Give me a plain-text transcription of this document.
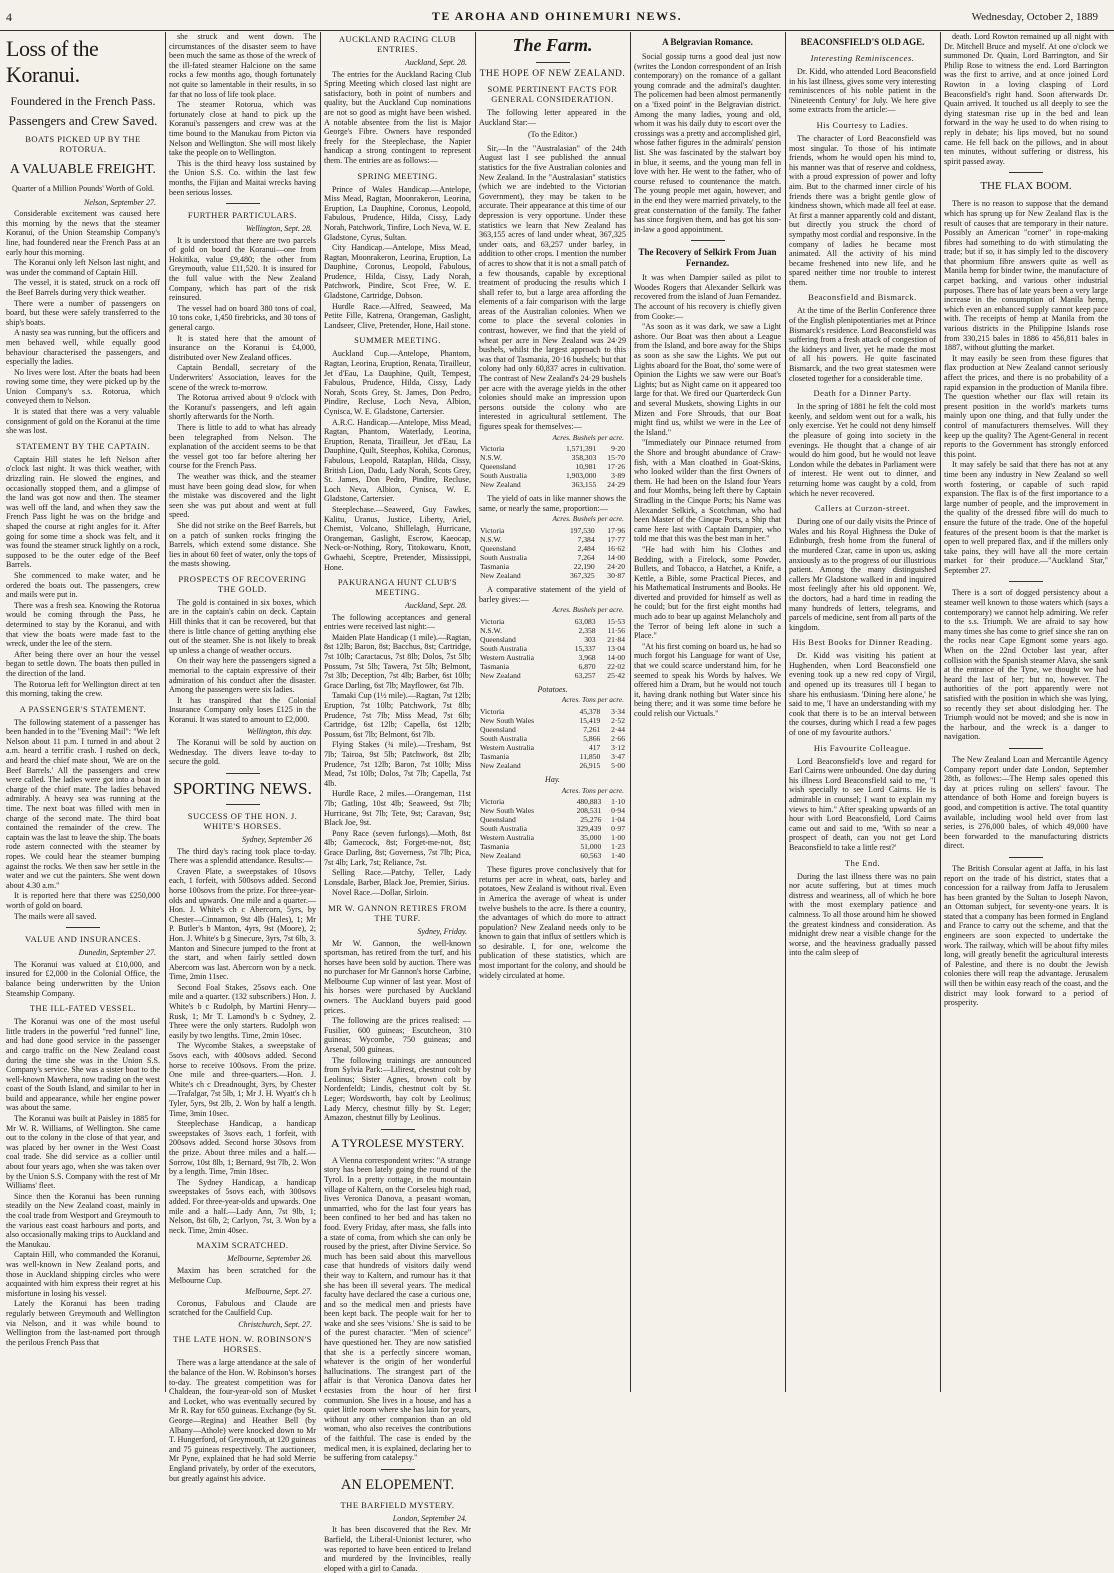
4	TE AROHA AND OHINEMURI NEWS.	Wednesday, October 2, 1889
Loss of the Koranui.
Foundered in the French Pass.
Passengers and Crew Saved.
BOATS PICKED UP BY THE ROTORUA.
A VALUABLE FREIGHT.
Quarter of a Million Pounds' Worth of Gold.
Nelson, September 27.

Considerable excitement was caused here this morning by the news that the steamer Koranui, of the Union Steamship Company's line, had foundered near the French Pass at an early hour this morning.

The Koranui only left Nelson last night, and was under the command of Captain Hill.

The vessel, it is stated, struck on a rock off the Beef Barrels during very thick weather.

There were a number of passengers on board, but these were safely transferred to the ship's boats.

A nasty sea was running, but the officers and men behaved well, while equally good behaviour characterised the passengers, and especially the ladies.

No lives were lost. After the boats had been rowing some time, they were picked up by the Union Company's s.s. Rotorua, which conveyed them to Nelson.

It is stated that there was a very valuable consignment of gold on the Koranui at the time she was lost.

STATEMENT BY THE CAPTAIN.

Captain Hill states he left Nelson after o'clock last night. It was thick weather, with drizzling rain. He slowed the engines, and occasionally stopped them, and a glimpse of the land was got now and then. The steamer was well off the land, and when they saw the French Pass light he was on the bridge and shaped the course at right angles for it. After going for some time a shock was felt, and it was found the steamer struck lightly on a rock, supposed to be the outer edge of the Beef Barrels.

She commenced to make water, and he ordered the boats out. The passengers, crew and mails were put in.

There was a fresh sea. Knowing the Rotorua would be coming through the Pass, he determined to stay by the Koranui, and with that view the boats were made fast to the wreck, under the lee of the stern.

After being there over an hour the vessel began to settle down. The boats then pulled in the direction of the land.

The Rotorua left for Wellington direct at ten this morning, taking the crew.

A PASSENGER'S STATEMENT.

The following statement of a passenger has been handed in to the "Evening Mail": "We left Nelson about 11 p.m. I turned in and about 2 a.m. heard a terrific crash. I rushed on deck, and heard the chief mate shout, 'We are on the Beef Barrels.' All the passengers and crew were called. The ladies were got into a boat in charge of the chief mate. The ladies behaved admirably. A heavy sea was running at the time. The next boat was filled with men in charge of the second mate. The third boat contained the remainder of the crew. The captain was the last to leave the ship. The boats rode astern connected with the steamer by ropes. We could hear the steamer bumping against the rocks. We then saw her settle in the water and we cut the painters. She went down about 4.30 a.m."

It is reported here that there was £250,000 worth of gold on board.

The mails were all saved.

VALUE AND INSURANCES.
Dunedin, September 27.

The Koranui was valued at £10,000, and insured for £2,000 in the Colonial Office, the balance being underwritten by the Union Steamship Company.

THE ILL-FATED VESSEL.

The Koranui was one of the most useful little traders in the powerful "red funnel" line, and had done good service in the passenger and cargo traffic on the New Zealand coast during the time she was in the Union S.S. Company's service. She was a sister boat to the well-known Mawhera, now trading on the west coast of the South Island, and similar to her in build and appearance, while her engine power was about the same.

The Koranui was built at Paisley in 1885 for Mr W. R. Williams, of Wellington. She came out to the colony in the close of that year, and was placed by her owner in the West Coast coal trade. She did service as a collier until about four years ago, when she was taken over by the Union S.S. Company with the rest of Mr Williams' fleet.

Since then the Koranui has been running steadily on the New Zealand coast, mainly in the coal trade from Westport and Greymouth to the various east coast harbours and ports, and also occasionally making trips to Auckland and the Manukau.

Captain Hill, who commanded the Koranui, was well-known in New Zealand ports, and those in Auckland shipping circles who were acquainted with him express their regret at his misfortune in losing his vessel.

Lately the Koranui has been trading regularly between Greymouth and Wellington via Nelson, and it was while bound to Wellington from the last-named port through the perilous French Pass that

she struck and went down. The circumstances of the disaster seem to have been much the same as those of the wreck of the ill-fated steamer Halcione on the same rocks a few months ago, though fortunately not quite so lamentable in their results, in so far that no loss of life took place.

The steamer Rotorua, which was fortunately close at hand to pick up the Koranui's passengers and crew was at the time bound to the Manukau from Picton via Nelson and Wellington. She will most likely take the people on to Wellington.

This is the third heavy loss sustained by the Union S.S. Co. within the last few months, the Fijian and Maitai wrecks having been serious losses.

FURTHER PARTICULARS.
Wellington, Sept. 28.

It is understood that there are two parcels of gold on board the Koranui—one from Hokitika, value £9,480; the other from Greymouth, value £11,520. It is insured for the full value with the New Zealand Company, which has part of the risk reinsured.

The vessel had on board 380 tons of coal, 10 tons coke, 1,450 firebricks, and 30 tons of general cargo.

It is stated here that the amount of insurance on the Koranui is £4,000, distributed over New Zealand offices.

Captain Bendall, secretary of the Underwriters' Association, leaves for the scene of the wreck to-morrow.

The Rotorua arrived about 9 o'clock with the Koranui's passengers, and left again shortly afterwards for the North.

There is little to add to what has already been telegraphed from Nelson. The explanation of the accident seems to be that the vessel got too far before altering her course for the French Pass.

The weather was thick, and the steamer must have been going dead slow, for when the mistake was discovered and the light seen she was put about and went at full speed.

She did not strike on the Beef Barrels, but on a patch of sunken rocks fringing the Barrels, which extend some distance. She lies in about 60 feet of water, only the tops of the masts showing.

PROSPECTS OF RECOVERING THE GOLD.

The gold is contained in six boxes, which are in the captain's cabin on deck. Captain Hill thinks that it can be recovered, but that there is little chance of getting anything else out of the steamer. She is not likely to break up unless a change of weather occurs.

On their way here the passengers signed a memorial to the captain expressive of their admiration of his conduct after the disaster. Among the passengers were six ladies.

It has transpired that the Colonial Insurance Company only loses £125 in the Koranui. It was stated to amount to £2,000.

Wellington, this day.

The Koranui will be sold by auction on Wednesday. The divers leave to-day to secure the gold.

SPORTING NEWS.
SUCCESS OF THE HON. J. WHITE'S HORSES.
Sydney, September 26

The third day's racing took place to-day. There was a splendid attendance. Results:—

Craven Plate, a sweepstakes of 10sovs each, 1 forfeit, with 500sovs added. Second horse 100sovs from the prize. For three-year-olds and upwards. One mile and a quarter.—Hon. J. White's ch c Abercorn, 5yrs, by Chester—Cinnamon, 9st 4lb (Hales), 1; Mr P. Butler's b Manton, 4yrs, 9st (Moore), 2; Hon. J. White's b g Sinecure, 3yrs, 7st 6lb, 3. Manton and Sinecure jumped to the front at the start, and when fairly settled down Abercorn was last. Abercorn won by a neck. Time, 2min 11sec.

Second Foal Stakes, 25sovs each. One mile and a quarter. (132 subscribers.) Hon. J. White's b c Rudolph, by Martini Henry—Rusk, 1; Mr T. Lamond's b c Sydney, 2. Three were the only starters. Rudolph won easily by two lengths. Time, 2min 10sec.

The Wycombe Stakes, a sweepstake of 5sovs each, with 400sovs added. Second horse to receive 100sovs. From the prize. One mile and three-quarters.—Hon. J. White's ch c Dreadnought, 3yrs, by Chester—Trafalgar, 7st 5lb, 1; Mr J. H. Wyatt's ch h Tyler, 5yrs, 9st 2lb, 2. Won by half a length. Time, 3min 10sec.

Steeplechase Handicap, a handicap sweepstakes of 3sovs each, 1 forfeit, with 200sovs added. Second horse 30sovs from the prize. About three miles and a half.—Sorrow, 10st 8lb, 1; Bernard, 9st 7lb, 2. Won by a length. Time, 7min 18sec.

The Sydney Handicap, a handicap sweepstakes of 5sovs each, with 300sovs added. For three-year-olds and upwards. One mile and a half.—Lady Ann, 7st 9lb, 1; Nelson, 8st 6lb, 2; Carlyon, 7st, 3. Won by a neck. Time, 2min 40sec.

MAXIM SCRATCHED.
Melbourne, September 26.

Maxim has been scratched for the Melbourne Cup.

Melbourne, Sept. 27.

Coronus, Fabulous and Claude are scratched for the Caulfield Cup.

Christchurch, Sept. 27.
THE LATE HON. W. ROBINSON'S HORSES.

There was a large attendance at the sale of the balance of the Hon. W. Robinson's horses to-day. The greatest competition was for Chaldean, the four-year-old son of Musket and Locket, who was eventually secured by Mr R. Ray for 650 guineas. Exchange (by St. George—Regina) and Heather Bell (by Albany—Athole) were knocked down to Mr T. Hungerford, of Greymouth, at 120 guineas and 75 guineas respectively. The auctioneer, Mr Pyne, explained that he had sold Merrie England privately, by order of the executors, but greatly against his advice.

AUCKLAND RACING CLUB ENTRIES.
Auckland, Sept. 28.

The entries for the Auckland Racing Club Spring Meeting which closed last night are satisfactory, both in point of numbers and quality, but the Auckland Cup nominations are not so good as might have been wished. A notable absentee from the list is Major George's Fibre. Owners have responded freely for the Steeplechase, the Napier handicap a strong contingent to represent them. The entries are as follows:—

SPRING MEETING.

Prince of Wales Handicap.—Antelope, Miss Mead, Ragtan, Moonrakeron, Leorina, Eruption, La Dauphine, Coronus, Leopold, Fabulous, Prudence, Hilda, Cissy, Lady Norah, Patchwork, Tinfire, Loch Neva, W. E. Gladstone, Cyrus, Sultan.

City Handicap.—Antelope, Miss Mead, Ragtan, Moonrakeron, Leorina, Eruption, La Dauphine, Coronus, Leopold, Fabulous, Prudence, Hilda, Cissy, Lady Norah, Patchwork, Pindire, Scot Free, W. E. Gladstone, Cartridge, Dobson.

Hurdle Race.—Alfred, Seaweed, Ma Petite Fille, Katrena, Orangeman, Gaslight, Landseer, Clive, Pretender, Hone, Hail stone.

SUMMER MEETING.

Auckland Cup.—Antelope, Phantom, Ragtan, Leorina, Eruption, Renata, Tirailleur, Jet d'Eau, La Dauphine, Quilt, Tempest, Fabulous, Prudence, Hilda, Cissy, Lady Norah, Scots Grey, St. James, Don Pedro, Pindire, Recluse, Loch Neva, Albion, Cynisca, W. E. Gladstone, Cartersier.

A.R.C. Handicap.—Antelope, Miss Mead, Ragtan, Phantom, Waterlady, Leorina, Eruption, Renata, Tirailleur, Jet d'Eau, La Dauphine, Quilt, Steephos, Kohika, Coronus, Fabulous, Leopold, Rataplan, Hilda, Cissy, British Lion, Dadu, Lady Norah, Scots Grey, St. James, Don Pedro, Pindire, Recluse, Loch Neva, Albion, Cynisca, W. E. Gladstone, Cartersier.

Steeplechase.—Seaweed, Guy Fawkes, Kalitu, Uranus, Justice, Liberty, Ariel, Chemist, Volcano, Shillelagh, Hurricane, Orangeman, Gaslight, Escrow, Kaeocap, Neck-or-Nothing, Rory, Titokowaru, Knott, Gwhaehi, Sceptre, Pretender, Mississippi, Hone.

PAKURANGA HUNT CLUB'S MEETING.
Auckland, Sept. 28.

The following acceptances and general entries were received last night:—

Maiden Plate Handicap (1 mile).—Ragtan, 8st 12lb; Baron, 8st; Bacchus, 8st; Cartridge, 7st 10lb; Caractacus, 7st 8lb; Dolos, 7st 5lb; Possum, 7st 5lb; Tawera, 7st 5lb; Belmont, 7st 3lb; Deception, 7st 4lb; Barber, 6st 10lb; Grace Darling, 6st 7lb; Mayflower, 6st 7lb.

Tamaki Cup (1½ mile).—Ragtan, 7st 12lb; Eruption, 7st 10lb; Patchwork, 7st 8lb; Prudence, 7st 7lb; Miss Mead, 7st 6lb; Cartridge, 6st 12lb; Capella, 6st 12lb; Possum, 6st 7lb; Belmont, 6st 7lb.

Flying Stakes (¾ mile).—Tresham, 9st 7lb; Tairoa, 9st 5lb; Patchwork, 8st 2lb; Prudence, 7st 12lb; Baron, 7st 10lb; Miss Mead, 7st 10lb; Dolos, 7st 7lb; Capella, 7st 4lb.

Hurdle Race, 2 miles.—Orangeman, 11st 7lb; Gatling, 10st 4lb; Seaweed, 9st 7lb; Hurricane, 9st 7lb; Tete, 9st; Caravan, 9st; Black Joe, 9st.

Pony Race (seven furlongs).—Moth, 8st 4lb; Gamecock, 8st; Forget-me-not, 8st; Grace Darling, 8st; Governess, 7st 7lb; Pica, 7st 4lb; Lark, 7st; Reliance, 7st.

Selling Race.—Patchy, Teller, Lady Lonsdale, Barber, Black Joe, Premier, Sirius.

Novel Race.—Dollar, Sirloin.

MR W. GANNON RETIRES FROM THE TURF.
Sydney, Friday.

Mr W. Gannon, the well-known sportsman, has retired from the turf, and his horses have been sold by auction. There was no purchaser for Mr Gannon's horse Carbine, Melbourne Cup winner of last year. Most of his horses were purchased by Auckland owners. The Auckland buyers paid good prices.

The following are the prices realised: —Fusilier, 600 guineas; Escutcheon, 310 guineas; Wycombe, 750 guineas; and Arsenal, 500 guineas.

The following trainings are announced from Sylvia Park:—Lilirest, chestnut colt by Leolinus; Sister Agnes, brown colt by Nordenfeldt; Lindis, chestnut colt by St. Leger; Wordsworth, bay colt by Leolinus; Lady Mercy, chestnut filly by St. Leger; Amazon, chestnut filly by Leolinus.

A TYROLESE MYSTERY.

A Vienna correspondent writes: "A strange story has been lately going the round of the Tyrol. In a pretty cottage, in the mountain village of Kaltern, on the Corseleu high road, lives Veronica Danova, a peasant woman, unmarried, who for the last four years has been confined to her bed and has taken no food. Every Friday, after mass, she falls into a state of coma, from which she can only be roused by the priest, after Divine Service. So much has been said about this marvellous case that hundreds of visitors daily wend their way to Kaltern, and rumour has it that she has been ill several years. The medical faculty have declared the case a curious one, and so the medical men and priests have been kept back. The people wait for her to wake and she sees 'visions.' She is said to be of the purest character. "Men of science" have questioned her. They are now satisfied that she is a perfectly sincere woman, whatever is the origin of her wonderful hallucinations. The strangest part of the affair is that Veronica Danova dates her ecstasies from the hour of her first communion. She lives in a house, and has a quiet little room where she has lain for years, without any other companion than an old woman, who also receives the contributions of the faithful. The case is ended by the medical men, it is explained, declaring her to be suffering from catalepsy."

AN ELOPEMENT.
THE BARFIELD MYSTERY.
London, September 24.

It has been discovered that the Rev. Mr Barfield, the Liberal-Unionist lecturer, who was reported to have been enticed to Ireland and murdered by the Invincibles, really eloped with a girl to Canada.

The Farm.
THE HOPE OF NEW ZEALAND.
SOME PERTINENT FACTS FOR GENERAL CONSIDERATION.

The following letter appeared in the Auckland Star:—

(To the Editor.)

Sir,—In the "Australasian" of the 24th August last I see published the annual statistics for the five Australian colonies and New Zealand. In the "Australasian" statistics (which we are indebted to the Victorian Government), they may be taken to be accurate. Their appearance at this time of our depression is very opportune. Under these statistics we learn that New Zealand has 363,155 acres of land under wheat, 367,325 under oats, and 63,257 under barley, in addition to other crops. I mention the number of acres to show that it is not a small patch of a few thousands, capable by exceptional treatment of producing the results which I shall refer to, but a large area affording the elements of a fair comparison with the large areas of the Australian colonies. When we come to place the several colonies in contrast, however, we find that the yield of wheat per acre in New Zealand was 24·29 bushels, whilst the largest approach to this was that of Tasmania, 20·16 bushels; but that colony had only 60,837 acres in cultivation. The contrast of New Zealand's 24·29 bushels per acre with the average yields in the other colonies should make an impression upon persons outside the colony who are interested in agricultural settlement. The figures speak for themselves:—

Acres. Bushels per acre.
Victoria	1,571,391	9·20
N.S.W.	358,303	15·70
Queensland	10,981	17·26
South Australia	1,903,000	3·89
New Zealand	363,155	24·29

The yield of oats in like manner shows the same, or nearly the same, proportion:—

Acres. Bushels per acre.
Victoria	197,530	17·96
N.S.W.	7,384	17·77
Queensland	2,484	16·62
South Australia	7,264	14·00
Tasmania	22,190	24·20
New Zealand	367,325	30·87

A comparative statement of the yield of barley gives:—

Acres. Bushels per acre.
Victoria	63,083	15·53
N.S.W.	2,358	11·56
Queensland	303	21·84
South Australia	15,337	13·04
Western Australia	3,968	14·00
Tasmania	6,870	22·02
New Zealand	63,257	25·42
Potatoes.
Acres. Tons per acre.
Victoria	45,378	3·34
New South Wales	15,419	2·52
Queensland	7,261	2·44
South Australia	5,866	2·66
Western Australia	417	3·12
Tasmania	11,850	3·47
New Zealand	26,915	5·00
Hay.
Acres. Tons per acre.
Victoria	480,883	1·10
New South Wales	208,531	0·94
Queensland	25,276	1·04
South Australia	329,439	0·97
Western Australia	35,000	1·00
Tasmania	51,000	1·23
New Zealand	60,563	1·40

These figures prove conclusively that for returns per acre in wheat, oats, barley and potatoes, New Zealand is without rival. Even in America the average of wheat is under twelve bushels to the acre. Is there a country, the advantages of which do more to attract population? New Zealand needs only to be known to gain that influx of settlers which is so desirable. I, for one, welcome the publication of these statistics, which are most important for the colony, and should be widely circulated at home.

A Belgravian Romance.

Social gossip turns a good deal just now (writes the London correspondent of an Irish contemporary) on the romance of a gallant young comrade and the admiral's daughter. The policemen had been almost permanently on a 'fixed point' in the Belgravian district. Among the many ladies, young and old, whom it was his daily duty to escort over the crossings was a pretty and accomplished girl, whose father figures in the admirals' pension list. She was fascinated by the stalwart boy in blue, it seems, and the young man fell in love with her. He went to the father, who of course refused to countenance the match. The young people met again, however, and in the end they were married privately, to the great consternation of the family. The father has since forgiven them, and has got his son-in-law a good appointment.

The Recovery of Selkirk From Juan Fernandez.

It was when Dampier sailed as pilot to Woodes Rogers that Alexander Selkirk was recovered from the island of Juan Fernandez. The account of his recovery is chiefly given from Cooke:—

"As soon as it was dark, we saw a Light ashore. Our Boat was then about a League from the Island, and bore away for the Ships as soon as she saw the Lights. We put out Lights aboard for the Boat, tho' some were of Opinion the Lights we saw were our Boat's Lights; but as Night came on it appeared too large for that. We fired our Quarterdeck Gun and several Muskets, showing Lights in our Mizen and Fore Shrouds, that our Boat might find us, whilst we were in the Lee of the Island."

"Immediately our Pinnace returned from the Shore and brought abundance of Craw-fish, with a Man cloathed in Goat-Skins, who looked wilder than the first Owners of them. He had been on the Island four Years and four Months, being left there by Captain Stradling in the Cinque Ports; his Name was Alexander Selkirk, a Scotchman, who had been Master of the Cinque Ports, a Ship that came here last with Captain Dampier, who told me that this was the best man in her."

"He had with him his Clothes and Bedding, with a Firelock, some Powder, Bullets, and Tobacco, a Hatchet, a Knife, a Kettle, a Bible, some Practical Pieces, and his Mathematical Instruments and Books. He diverted and provided for himself as well as he could; but for the first eight months had much ado to bear up against Melancholy and the Terror of being left alone in such a Place."

"At his first coming on board us, he had so much forgot his Language for want of Use, that we could scarce understand him, for he seemed to speak his Words by halves. We offered him a Dram, but he would not touch it, having drank nothing but Water since his being there; and it was some time before he could relish our Victuals."

BEACONSFIELD'S OLD AGE.
Interesting Reminiscences.

Dr. Kidd, who attended Lord Beaconsfield in his last illness, gives some very interesting reminiscences of his noble patient in the 'Nineteenth Century' for July. We here give some extracts from the article:—

His Courtesy to Ladies.

The character of Lord Beaconsfield was most singular. To those of his intimate friends, whom he would open his mind to, his manner was that of reserve and coldness, with a proud expression of power and lofty aim. But to the charmed inner circle of his friends there was a bright gentle glow of kindness shown, which made all feel at ease. At first a manner apparently cold and distant, but directly you struck the chord of sympathy most cordial and responsive. In the company of ladies he became most animated. All the activity of his mind became freshened into new life, and he spared neither time nor trouble to interest them.

Beaconsfield and Bismarck.

At the time of the Berlin Conference three of the English plenipotentiaries met at Prince Bismarck's residence. Lord Beaconsfield was suffering from a fresh attack of congestion of the kidneys and liver, yet he made the most of all his powers. He quite fascinated Bismarck, and the two great statesmen were closeted together for a considerable time.

Death for a Dinner Party.

In the spring of 1881 he felt the cold most keenly, and seldom went out for a walk, his only exercise. Yet he could not deny himself the pleasure of going into society in the evenings. He thought that a change of air would do him good, but he would not leave London while the debates in Parliament were of interest. He went out to dinner, and returning home was caught by a cold, from which he never recovered.

Callers at Curzon-street.

During one of our daily visits the Prince of Wales and his Royal Highness the Duke of Edinburgh, fresh home from the funeral of the murdered Czar, came in upon us, asking anxiously as to the progress of our illustrious patient. Among the many distinguished callers Mr Gladstone walked in and inquired most feelingly after his old opponent. We, the doctors, had a hard time in reading the many hundreds of letters, telegrams, and parcels of medicine, sent from all parts of the kingdom.

His Best Books for Dinner Reading.

Dr. Kidd was visiting his patient at Hughenden, when Lord Beaconsfield one evening took up a new red copy of Virgil, and opened up its treasures till I began to share his enthusiasm. 'Dining here alone,' he said to me, 'I have an understanding with my cook that there is to be an interval between the courses, during which I read a few pages of one of my favourite authors.'

His Favourite Colleague.

Lord Beaconsfield's love and regard for Earl Cairns were unbounded. One day during his illness Lord Beaconsfield said to me, "I wish specially to see Lord Cairns. He is admirable in counsel; I want to explain my views to him." After speaking upwards of an hour with Lord Beaconsfield, Lord Cairns came out and said to me, 'With so near a prospect of death, can you not get Lord Beaconsfield to take a little rest?'

The End.

During the last illness there was no pain nor acute suffering, but at times much distress and weariness, all of which he bore with the most exemplary patience and calmness. To all those around him he showed the greatest kindness and consideration. As midnight drew near a visible change for the worse, and the heaviness gradually passed into the calm sleep of

death. Lord Rowton remained up all night with Dr. Mitchell Bruce and myself. At one o'clock we summoned Dr. Quain, Lord Barrington, and Sir Philip Rose to witness the end. Lord Barrington was the first to arrive, and at once joined Lord Rowton in a loving clasping of Lord Beaconsfield's right hand. Soon afterwards Dr. Quain arrived. It touched us all deeply to see the dying statesman rise up in the bed and lean forward in the way he used to do when rising to reply in debate; his lips moved, but no sound came. He fell back on the pillows, and in about ten minutes, without suffering or distress, his spirit passed away.

THE FLAX BOOM.

There is no reason to suppose that the demand which has sprung up for New Zealand flax is the result of causes that are temporary in their nature. Possibly an American "corner" in rope-making fibres had something to do with stimulating the trade; but if so, it has simply led to the discovery that phormium fibre answers quite as well as Manila hemp for binder twine, the manufacture of carpet backing, and various other industrial purposes. There has of late years been a very large increase in the consumption of Manila hemp, which even an enhanced supply cannot keep pace with. The receipts of hemp at Manila from the various districts in the Philippine Islands rose from 330,215 bales in 1886 to 456,811 bales in 1887, without glutting the market.

It may easily be seen from these figures that flax production at New Zealand cannot seriously affect the prices, and there is no probability of a rapid expansion in the production of Manila fibre. The question whether our flax will retain its present position in the world's markets turns mainly upon one thing, and that fully under the control of manufacturers themselves. Will they keep up the quality? The Agent-General in recent reports to the Government has strongly enforced this point.

It may safely be said that there has not at any time been any industry in New Zealand so well worth fostering, or capable of such rapid expansion. The flax is of the first importance to a large number of people, and the improvement in the quality of the dressed fibre will do much to ensure the future of the trade. One of the hopeful features of the present boom is that the market is open to well prepared flax, and if the millers only take pains, they will have all the more certain market for their produce.—"Auckland Star," September 27.

There is a sort of dogged persistency about a steamer well known to those waters which (says a contemporary) we cannot help admiring. We refer to the s.s. Triumph. We are afraid to say how many times she has come to grief since she ran on the rocks near Cape Egmont some years ago. When on the 22nd October last year, after collision with the Spanish steamer Alava, she sank at the entrance of the Tyne, we thought we had heard the last of her; but no, however. The authorities of the port apparently were not satisfied with the position in which she was lying, so recently they set about dislodging her. The Triumph would not be moved; and she is now in the harbour, and the wreck is a danger to navigation.

The New Zealand Loan and Mercantile Agency Company report under date London, September 28th, as follows:—The Hemp sales opened this day at prices ruling on sellers' favour. The attendance of both Home and foreign buyers is good, and competition is active. The total quantity available, including wool held over from last series, is 276,000 bales, of which 49,000 have been forwarded to the manufacturing districts direct.

The British Consular agent at Jaffa, in his last report on the trade of his district, states that a concession for a railway from Jaffa to Jerusalem has been granted by the Sultan to Joseph Navon, an Ottoman subject, for seventy-one years. It is stated that a company has been formed in England and France to carry out the scheme, and that the engineers are soon expected to undertake the work. The railway, which will be about fifty miles long, will greatly benefit the agricultural interests of Palestine, and there is no doubt the Jewish colonies there will reap the advantage. Jerusalem will then be within easy reach of the coast, and the district may look forward to a period of prosperity.
